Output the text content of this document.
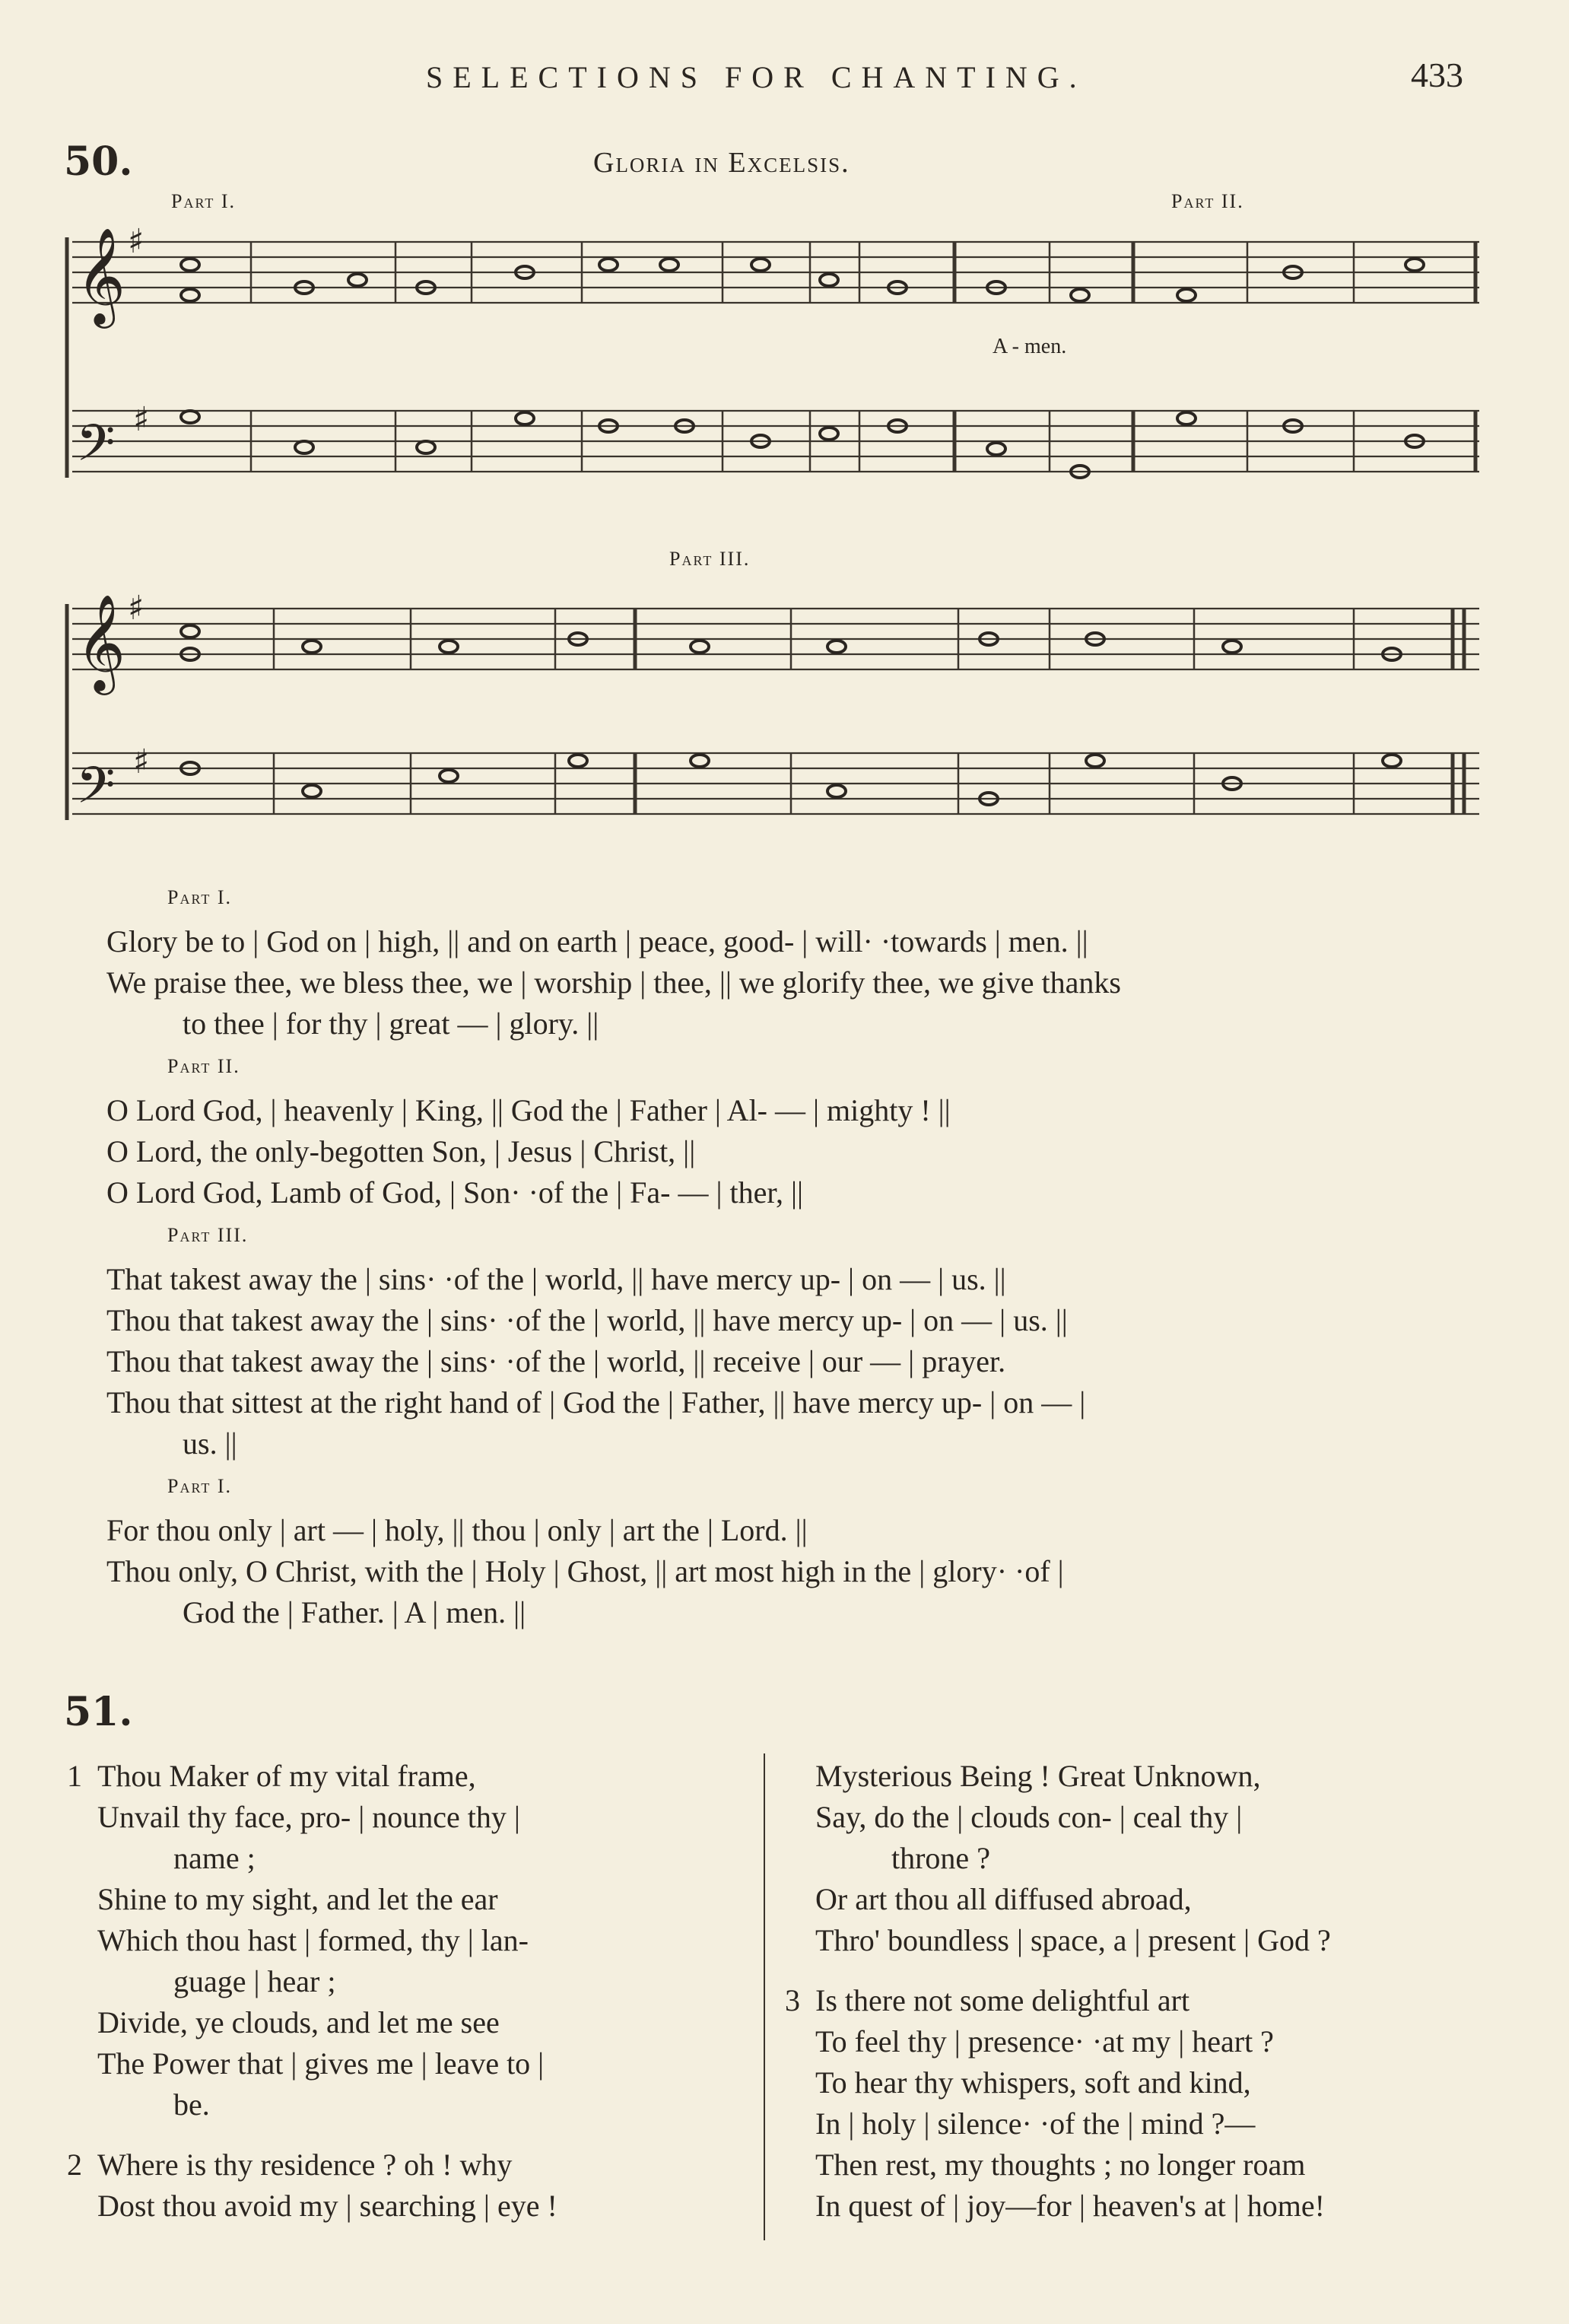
SELECTIONS FOR CHANTING.	433
50.	Gloria in Excelsis.
Part I.	Part II.
Part III.
A - men.
𝄞
𝄢
𝄞
𝄢
♯
♯
♯
♯
Part I.
Glory be to | God on | high, || and on earth | peace, good- | will· ·towards | men. ||
We praise thee, we bless thee, we | worship | thee, || we glorify thee, we give thanks
to thee | for thy | great — | glory. ||
Part II.
O Lord God, | heavenly | King, || God the | Father | Al- — | mighty ! ||
O Lord, the only-begotten Son, | Jesus | Christ, ||
O Lord God, Lamb of God, | Son· ·of the | Fa- — | ther, ||
Part III.
That takest away the | sins· ·of the | world, || have mercy up- | on — | us. ||
Thou that takest away the | sins· ·of the | world, || have mercy up- | on — | us. ||
Thou that takest away the | sins· ·of the | world, || receive | our — | prayer.
Thou that sittest at the right hand of | God the | Father, || have mercy up- | on — |
us. ||
Part I.
For thou only | art — | holy, || thou | only | art the | Lord. ||
Thou only, O Christ, with the | Holy | Ghost, || art most high in the | glory· ·of |
God the | Father. | A | men. ||
51.
1 Thou Maker of my vital frame,
Unvail thy face, pro- | nounce thy |
name ;
Shine to my sight, and let the ear
Which thou hast | formed, thy | lan-
guage | hear ;
Divide, ye clouds, and let me see
The Power that | gives me | leave to |
be.
2 Where is thy residence ? oh ! why
Dost thou avoid my | searching | eye !
Mysterious Being ! Great Unknown,
Say, do the | clouds con- | ceal thy |
throne ?
Or art thou all diffused abroad,
Thro' boundless | space, a | present | God ?
3 Is there not some delightful art
To feel thy | presence· ·at my | heart ?
To hear thy whispers, soft and kind,
In | holy | silence· ·of the | mind ?—
Then rest, my thoughts ; no longer roam
In quest of | joy—for | heaven's at | home!
